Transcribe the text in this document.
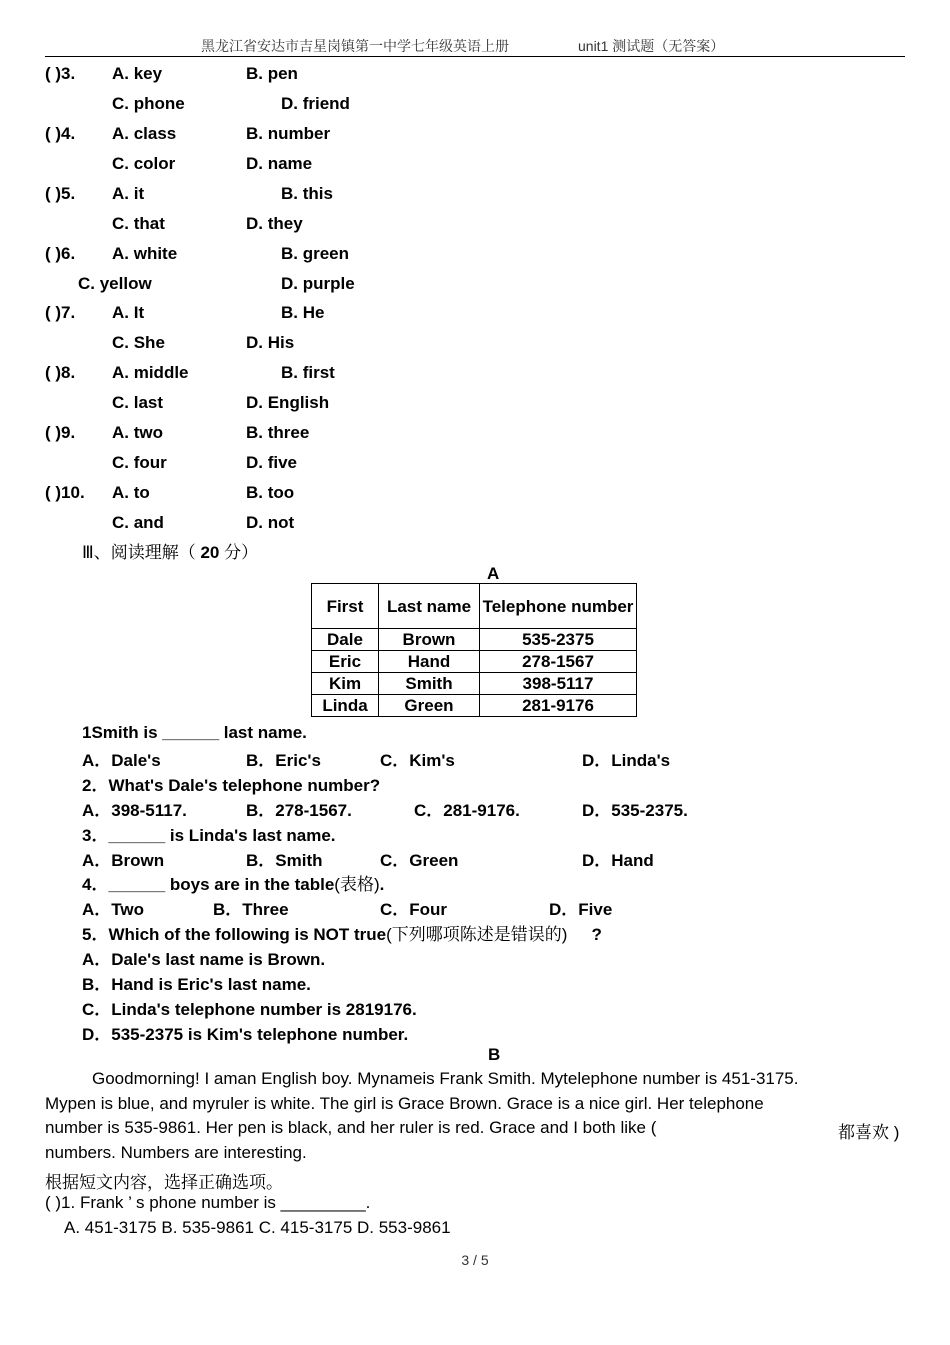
黑龙江省安达市吉星岗镇第一中学七年级英语上册	unit1 测试题（无答案）
( )3. A. key	B. pen
C. phone	D. friend
( )4. A. class	B. number
C. color	D. name
( )5. A. it	B. this
C. that	D. they
( )6. A. white	B. green
C. yellow	D. purple
( )7. A. It	B. He
C. She	D. His
( )8. A. middle	B. first
C. last	D. English
( )9. A. two	B. three
C. four	D. five
( )10. A. to	B. too
C. and	D. not
Ⅲ、阅读理解（ 20 分）
A
First	Last name	Telephone number
Dale	Brown	535-2375
Eric	Hand	278-1567
Kim	Smith	398-5117
Linda	Green	281-9176
1Smith is ______ last name.
A．Dale's	B．Eric's	C．Kim's	D．Linda's
2．What's Dale's telephone number?
A．398-5117.	B．278-1567.	C．281-9176.	D．535-2375.
3．______ is Linda's last name.
A．Brown	B．Smith	C．Green	D．Hand
4．______ boys are in the table(表格).
A．Two	B．Three	C．Four	D．Five
5．Which of the following is NOT true(下列哪项陈述是错误的) ?
A．Dale's last name is Brown.
B．Hand is Eric's last name.
C．Linda's telephone number is 2819176.
D．535-2375 is Kim's telephone number.
B
Goodmorning! I aman English boy. Mynameis Frank Smith. Mytelephone number is 451-3175.
Mypen is blue, and myruler is white. The girl is Grace Brown. Grace is a nice girl. Her telephone
number is 535-9861. Her pen is black, and her ruler is red. Grace and I both like (	都喜欢 )
numbers. Numbers are interesting.
根据短文内容，选择正确选项。
( )1. Frank ’ s phone number is _________.
A. 451-3175 B. 535-9861 C. 415-3175 D. 553-9861
3 / 5
